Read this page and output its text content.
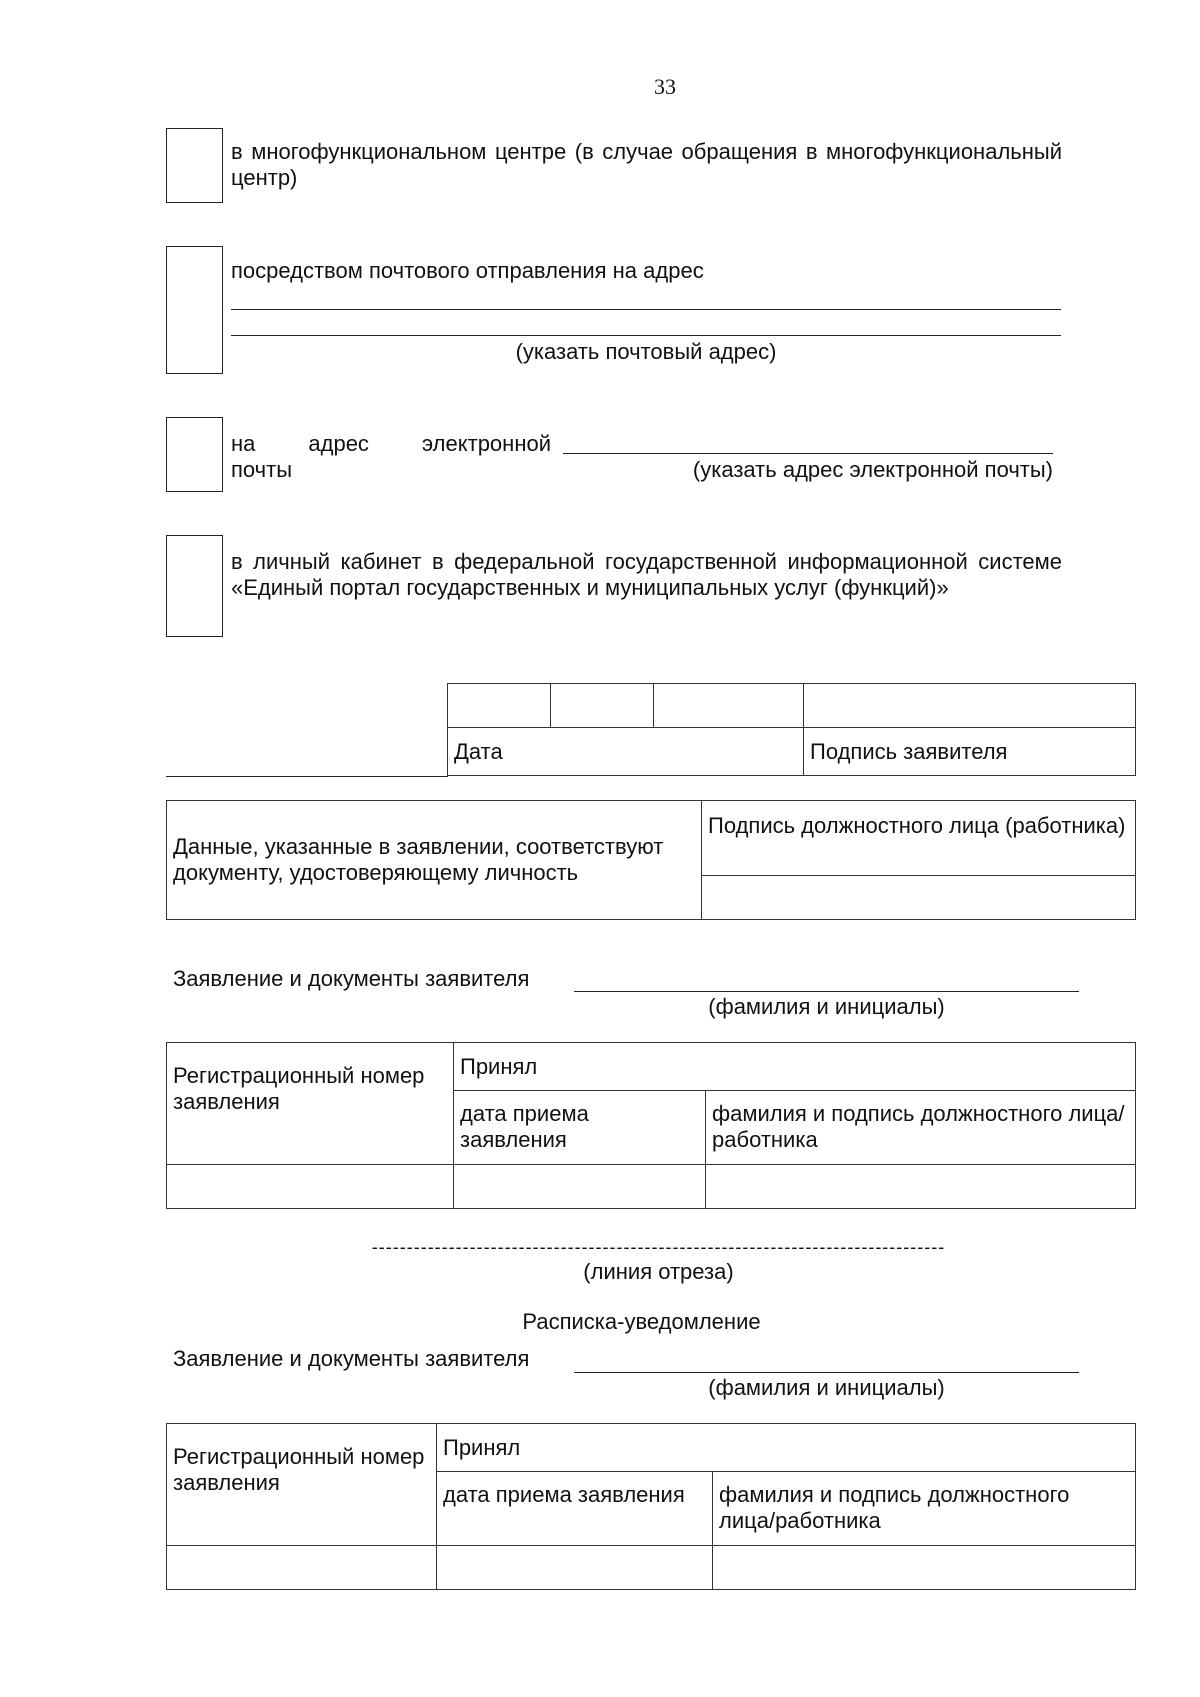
33
в многофункциональном центре (в случае обращения в многофункциональный центр)
посредством почтового отправления на адрес
(указать почтовый адрес)
на адрес электронной
почты	(указать адрес электронной почты)
в личный кабинет в федеральной государственной информационной системе «Единый портал государственных и муниципальных услуг (функций)»

Дата			Подпись заявителя
Данные, указанные в заявлении, соответствуют документу, удостоверяющему личность	Подпись должностного лица (работника)

Заявление и документы заявителя
(фамилия и инициалы)
Регистрационный номер заявления	Принял	
	дата приема заявления	фамилия и подпись должностного лица/работника

----------------------------------------------------------------------------------
(линия отреза)
Расписка-уведомление
Заявление и документы заявителя
(фамилия и инициалы)
Регистрационный номер заявления	Принял	
	дата приема заявления	фамилия и подпись должностного лица/работника
